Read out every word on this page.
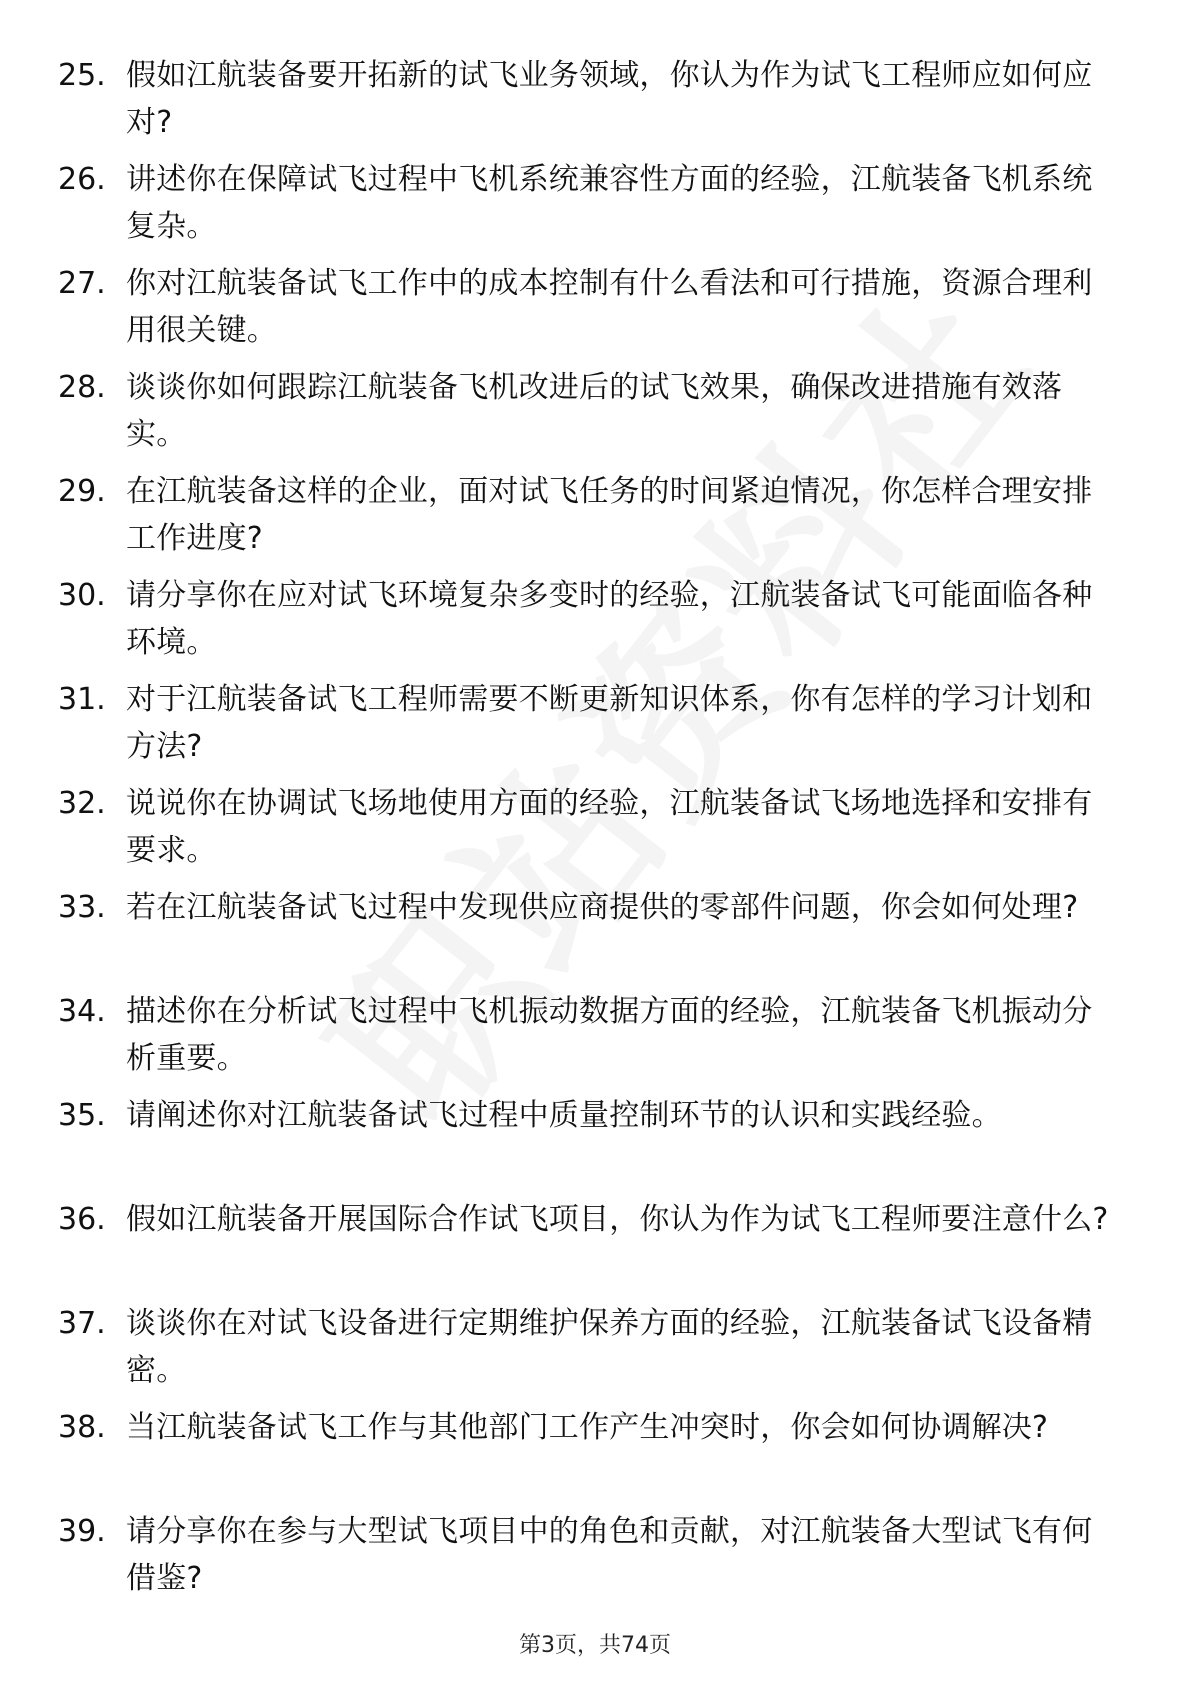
25. 假如江航装备要开拓新的试飞业务领域，你认为作为试飞工程师应如何应对?
26. 讲述你在保障试飞过程中飞机系统兼容性方面的经验，江航装备飞机系统复杂。
27. 你对江航装备试飞工作中的成本控制有什么看法和可行措施，资源合理利用很关键。
28. 谈谈你如何跟踪江航装备飞机改进后的试飞效果，确保改进措施有效落实。
29. 在江航装备这样的企业，面对试飞任务的时间紧迫情况，你怎样合理安排工作进度?
30. 请分享你在应对试飞环境复杂多变时的经验，江航装备试飞可能面临各种环境。
31. 对于江航装备试飞工程师需要不断更新知识体系，你有怎样的学习计划和方法?
32. 说说你在协调试飞场地使用方面的经验，江航装备试飞场地选择和安排有要求。
33. 若在江航装备试飞过程中发现供应商提供的零部件问题，你会如何处理?
34. 描述你在分析试飞过程中飞机振动数据方面的经验，江航装备飞机振动分析重要。
35. 请阐述你对江航装备试飞过程中质量控制环节的认识和实践经验。
36. 假如江航装备开展国际合作试飞项目，你认为作为试飞工程师要注意什么?
37. 谈谈你在对试飞设备进行定期维护保养方面的经验，江航装备试飞设备精密。
38. 当江航装备试飞工作与其他部门工作产生冲突时，你会如何协调解决?
39. 请分享你在参与大型试飞项目中的角色和贡献，对江航装备大型试飞有何借鉴?
第3页，共74页
